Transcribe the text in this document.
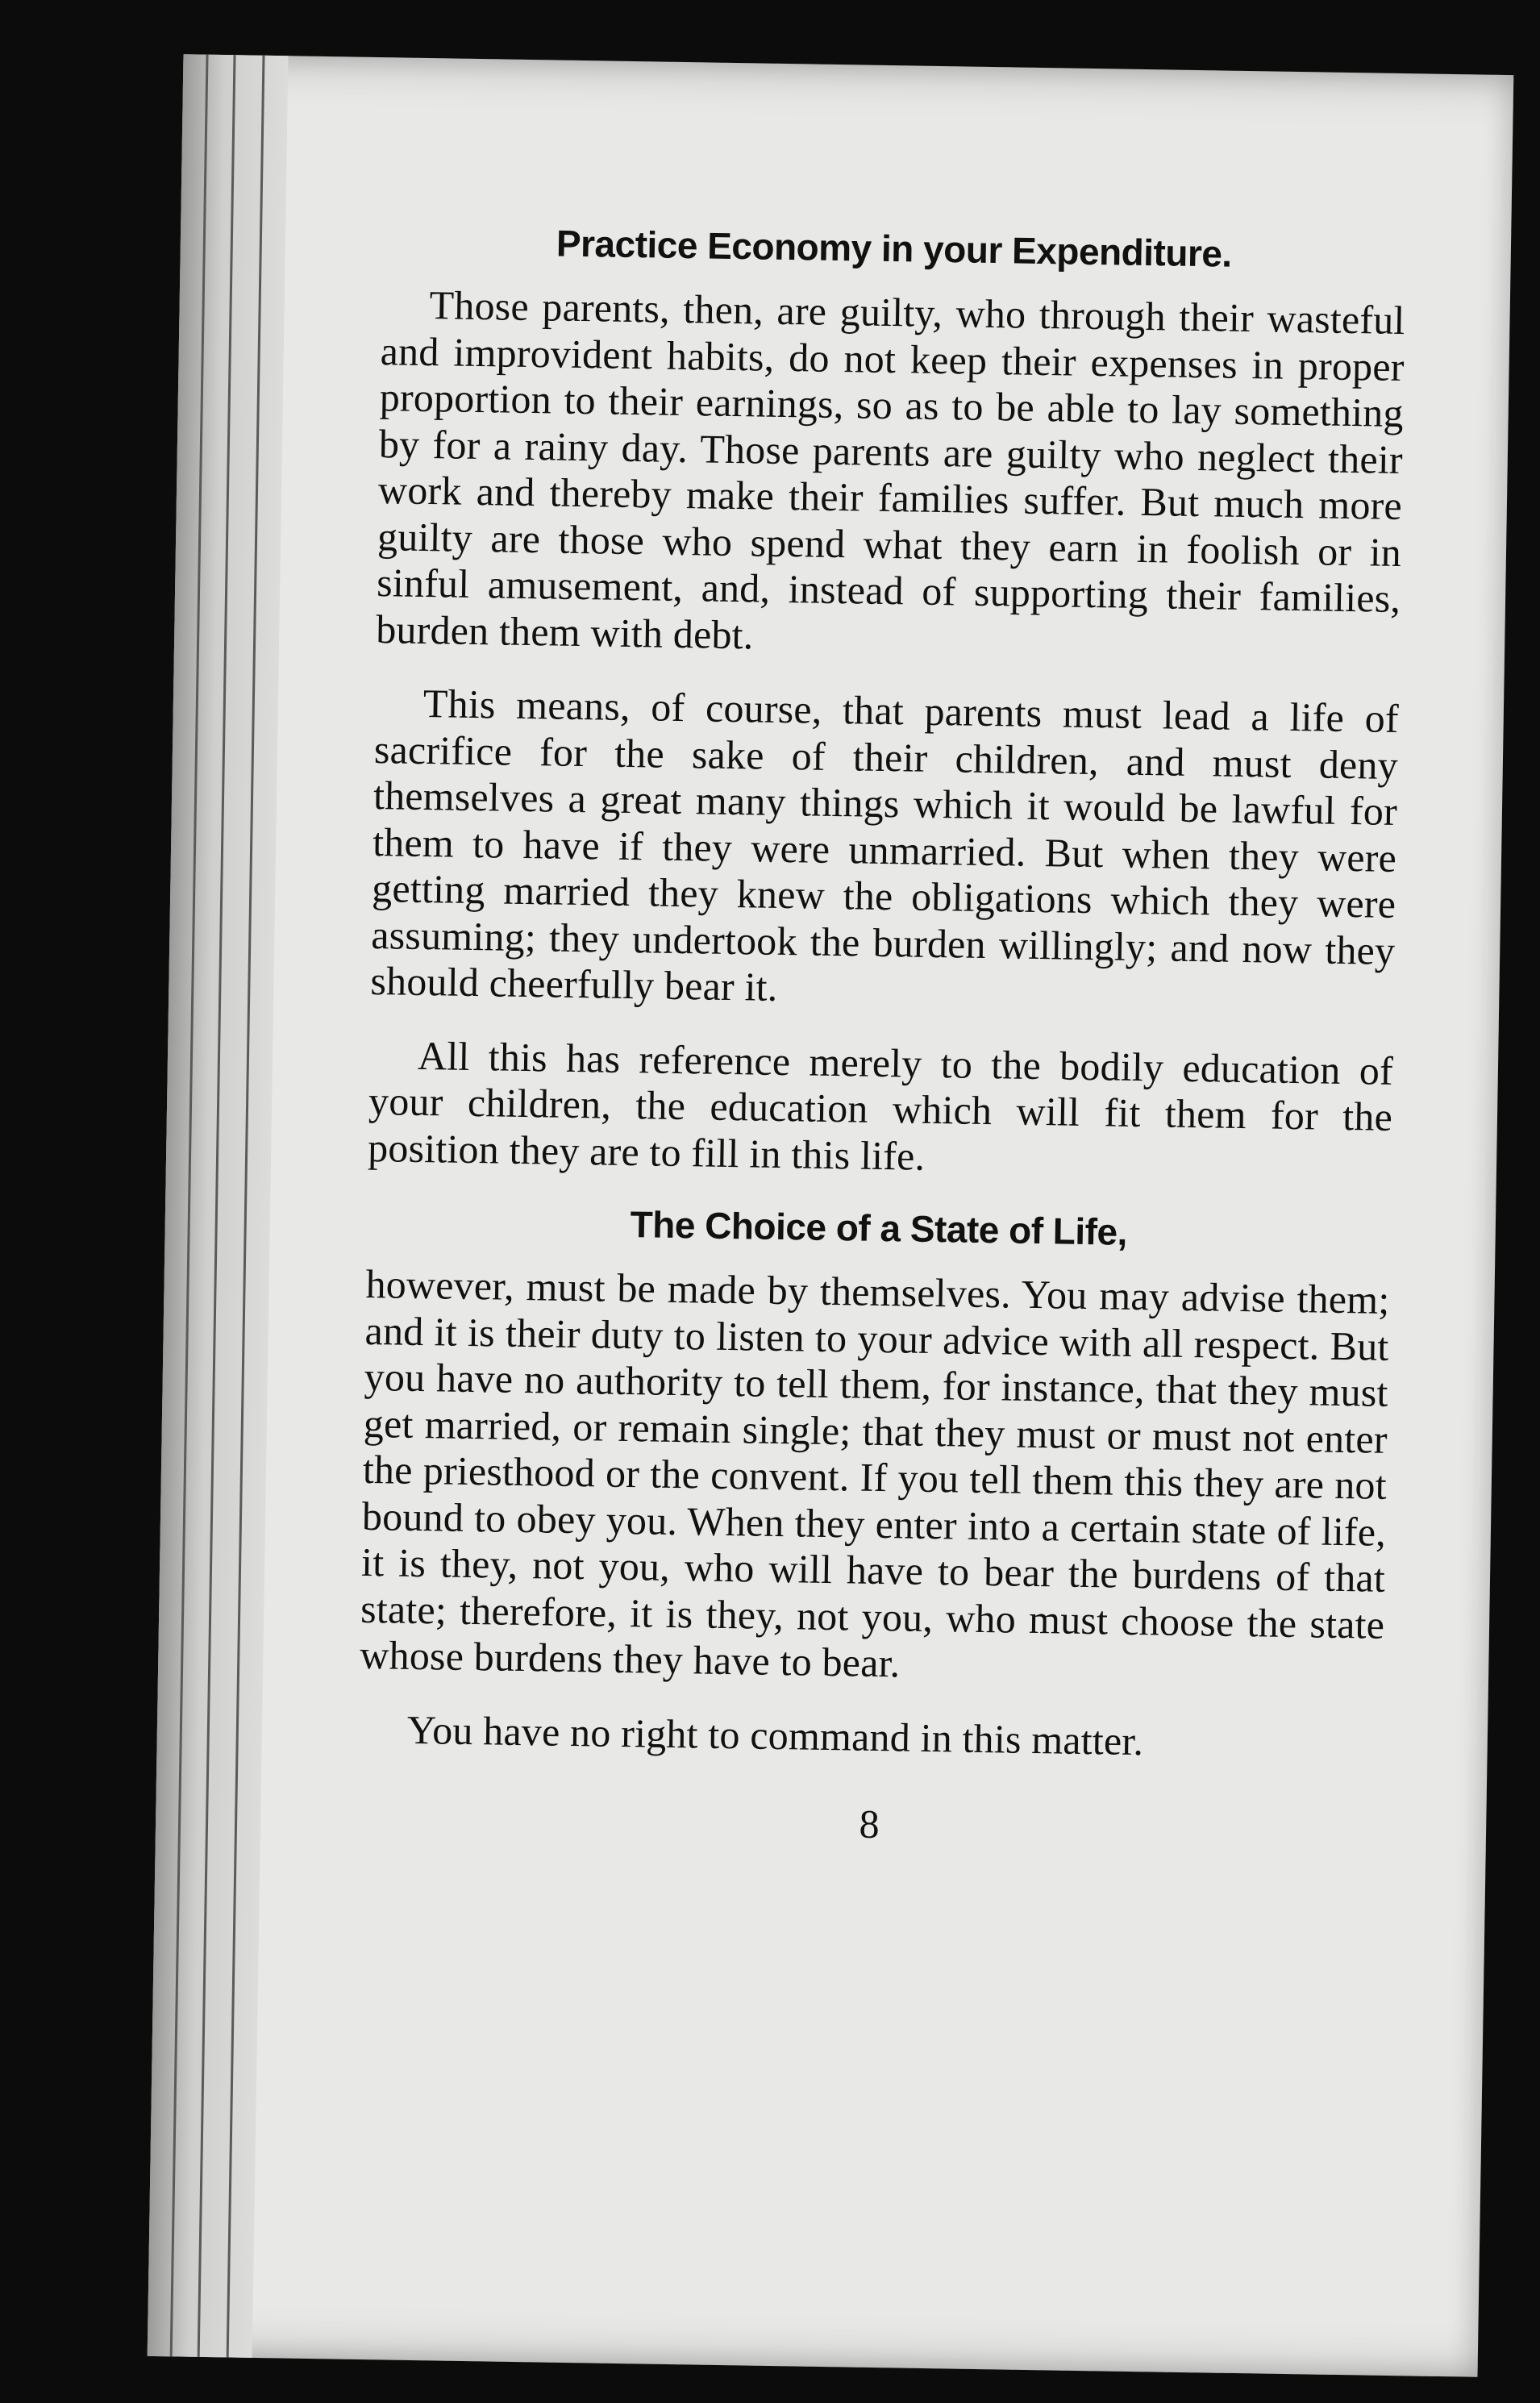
Practice Economy in your Expenditure.

Those parents, then, are guilty, who through their wasteful and improvident habits, do not keep their expenses in proper proportion to their earnings, so as to be able to lay something by for a rainy day. Those parents are guilty who neglect their work and thereby make their families suffer. But much more guilty are those who spend what they earn in foolish or in sinful amusement, and, instead of supporting their families, burden them with debt.

This means, of course, that parents must lead a life of sacrifice for the sake of their children, and must deny themselves a great many things which it would be lawful for them to have if they were unmarried. But when they were getting married they knew the obligations which they were assuming; they undertook the burden willingly; and now they should cheerfully bear it.

All this has reference merely to the bodily education of your children, the education which will fit them for the position they are to fill in this life.

The Choice of a State of Life,

however, must be made by themselves. You may advise them; and it is their duty to listen to your advice with all respect. But you have no authority to tell them, for instance, that they must get married, or remain single; that they must or must not enter the priesthood or the convent. If you tell them this they are not bound to obey you. When they enter into a certain state of life, it is they, not you, who will have to bear the burdens of that state; therefore, it is they, not you, who must choose the state whose burdens they have to bear.

You have no right to command in this matter.

8
